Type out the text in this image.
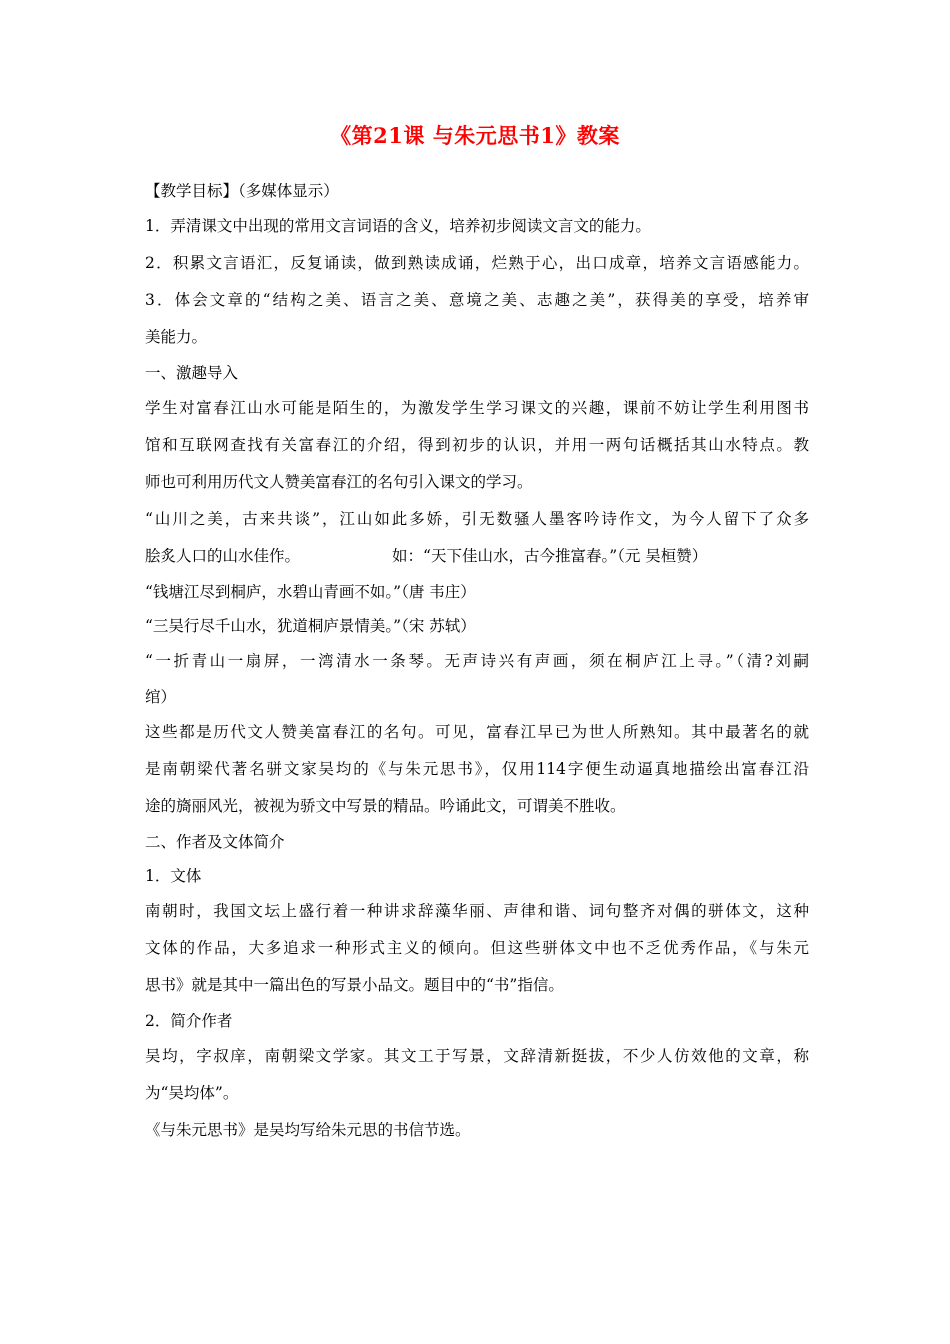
《第21课 与朱元思书1》教案

【教学目标】（多媒体显示）

1．弄清课文中出现的常用文言词语的含义，培养初步阅读文言文的能力。

2．积累文言语汇，反复诵读，做到熟读成诵，烂熟于心，出口成章，培养文言语感能力。

3．体会文章的“结构之美、语言之美、意境之美、志趣之美”，获得美的享受，培养审

美能力。

一、激趣导入

学生对富春江山水可能是陌生的，为激发学生学习课文的兴趣，课前不妨让学生利用图书

馆和互联网查找有关富春江的介绍，得到初步的认识，并用一两句话概括其山水特点。教

师也可利用历代文人赞美富春江的名句引入课文的学习。

“山川之美，古来共谈”，江山如此多娇，引无数骚人墨客吟诗作文，为今人留下了众多

脍炙人口的山水佳作。	如：“天下佳山水，古今推富春。”（元 吴桓赞）

“钱塘江尽到桐庐，水碧山青画不如。”（唐 韦庄）

“三吴行尽千山水，犹道桐庐景情美。”（宋 苏轼）

“一折青山一扇屏，一湾清水一条琴。无声诗兴有声画，须在桐庐江上寻。”（清?刘嗣

绾）

这些都是历代文人赞美富春江的名句。可见，富春江早已为世人所熟知。其中最著名的就

是南朝梁代著名骈文家吴均的《与朱元思书》，仅用114字便生动逼真地描绘出富春江沿

途的旖丽风光，被视为骄文中写景的精品。吟诵此文，可谓美不胜收。

二、作者及文体简介

1．文体

南朝时，我国文坛上盛行着一种讲求辞藻华丽、声律和谐、词句整齐对偶的骈体文，这种

文体的作品，大多追求一种形式主义的倾向。但这些骈体文中也不乏优秀作品，《与朱元

思书》就是其中一篇出色的写景小品文。题目中的“书”指信。

2．简介作者

吴均，字叔庠，南朝梁文学家。其文工于写景，文辞清新挺拔，不少人仿效他的文章，称

为“吴均体”。

《与朱元思书》是吴均写给朱元思的书信节选。
